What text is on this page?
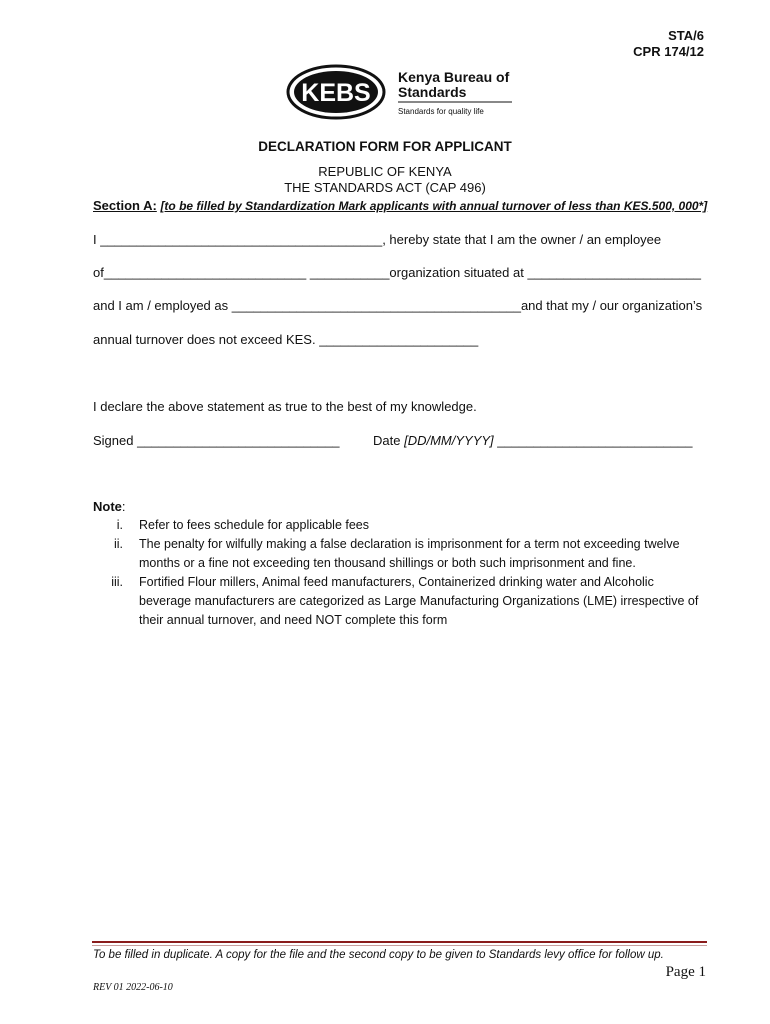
STA/6
CPR 174/12
KEBS
Kenya Bureau of
Standards
Standards for quality life
DECLARATION FORM FOR APPLICANT
REPUBLIC OF KENYA
THE STANDARDS ACT (CAP 496)
Section A: [to be filled by Standardization Mark applicants with annual turnover of less than KES.500, 000*]
I _______________________________________, hereby state that I am the owner / an employee
of____________________________ ___________organization situated at ________________________
and I am / employed as ________________________________________and that my / our organization’s
annual turnover does not exceed KES. ______________________
I declare the above statement as true to the best of my knowledge.
Signed ____________________________	Date [DD/MM/YYYY] ___________________________
Note:
i. Refer to fees schedule for applicable fees
ii. The penalty for wilfully making a false declaration is imprisonment for a term not exceeding twelve months or a fine not exceeding ten thousand shillings or both such imprisonment and fine.
iii. Fortified Flour millers, Animal feed manufacturers, Containerized drinking water and Alcoholic beverage manufacturers are categorized as Large Manufacturing Organizations (LME) irrespective of their annual turnover, and need NOT complete this form
To be filled in duplicate. A copy for the file and the second copy to be given to Standards levy office for follow up.
Page 1
REV 01 2022-06-10
